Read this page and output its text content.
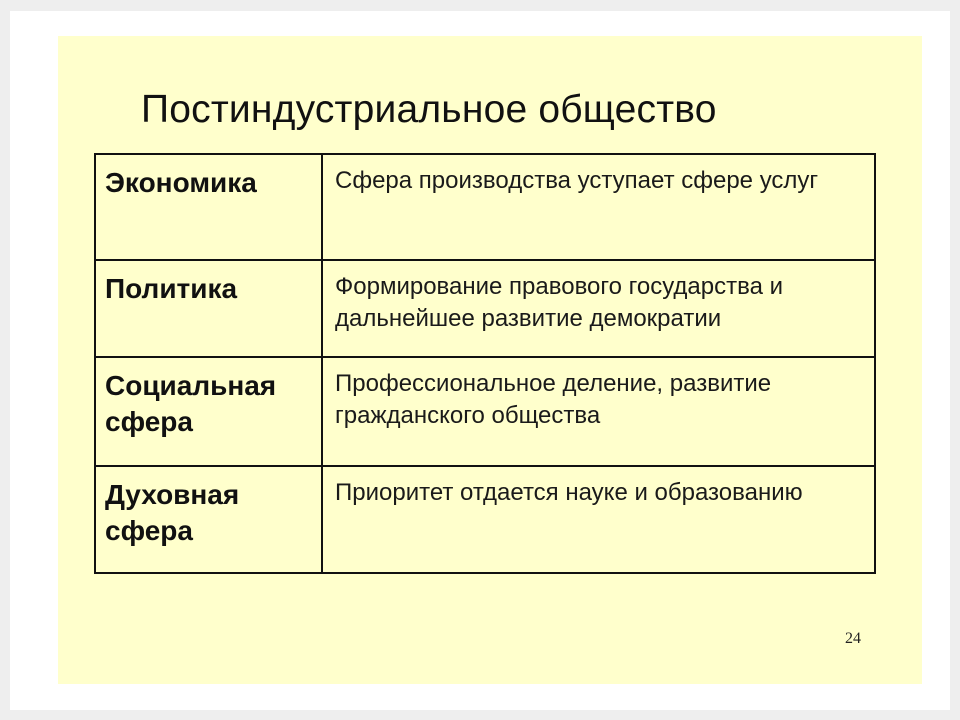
Постиндустриальное общество
Экономика	Сфера производства уступает сфере услуг
Политика	Формирование правового государства и дальнейшее развитие демократии
Социальная сфера	Профессиональное деление, развитие гражданского общества
Духовная сфера	Приоритет отдается науке и образованию
24
